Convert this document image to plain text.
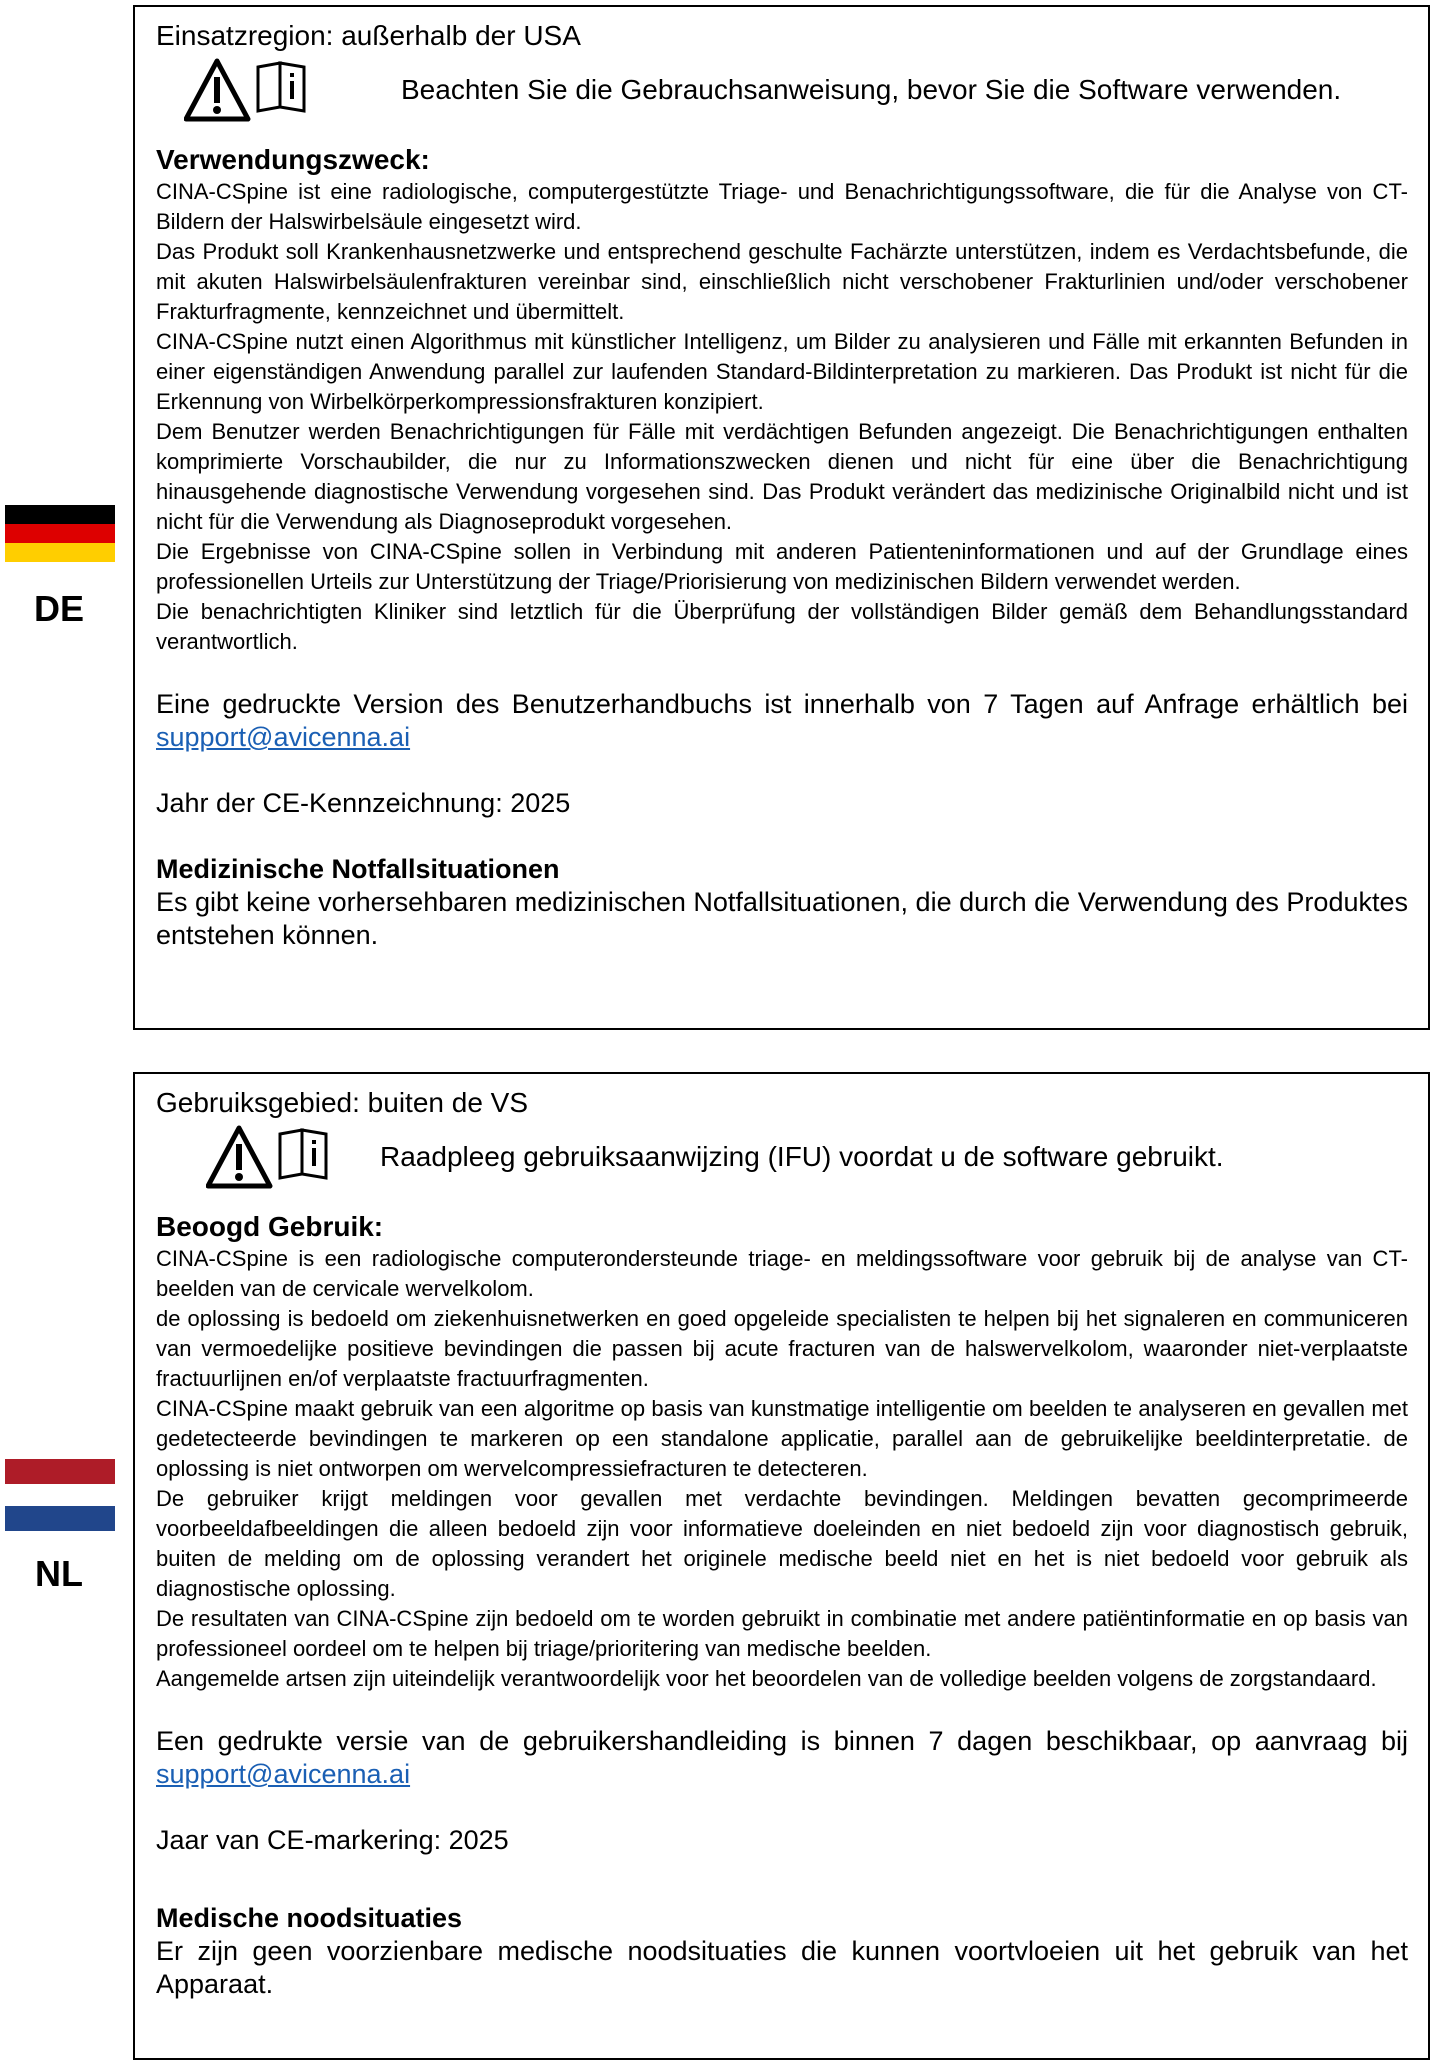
DE

Einsatzregion: außerhalb der USA

Beachten Sie die Gebrauchsanweisung, bevor Sie die Software verwenden.

Verwendungszweck:

CINA-CSpine ist eine radiologische, computergestützte Triage- und Benachrichtigungssoftware, die für die Analyse von CT-Bildern der Halswirbelsäule eingesetzt wird.

Das Produkt soll Krankenhausnetzwerke und entsprechend geschulte Fachärzte unterstützen, indem es Verdachtsbefunde, die mit akuten Halswirbelsäulenfrakturen vereinbar sind, einschließlich nicht verschobener Frakturlinien und/oder verschobener Frakturfragmente, kennzeichnet und übermittelt.

CINA-CSpine nutzt einen Algorithmus mit künstlicher Intelligenz, um Bilder zu analysieren und Fälle mit erkannten Befunden in einer eigenständigen Anwendung parallel zur laufenden Standard-Bildinterpretation zu markieren. Das Produkt ist nicht für die Erkennung von Wirbelkörperkompressionsfrakturen konzipiert.

Dem Benutzer werden Benachrichtigungen für Fälle mit verdächtigen Befunden angezeigt. Die Benachrichtigungen enthalten komprimierte Vorschaubilder, die nur zu Informationszwecken dienen und nicht für eine über die Benachrichtigung hinausgehende diagnostische Verwendung vorgesehen sind. Das Produkt verändert das medizinische Originalbild nicht und ist nicht für die Verwendung als Diagnoseprodukt vorgesehen.

Die Ergebnisse von CINA-CSpine sollen in Verbindung mit anderen Patienteninformationen und auf der Grundlage eines professionellen Urteils zur Unterstützung der Triage/Priorisierung von medizinischen Bildern verwendet werden.

Die benachrichtigten Kliniker sind letztlich für die Überprüfung der vollständigen Bilder gemäß dem Behandlungsstandard verantwortlich.

Eine gedruckte Version des Benutzerhandbuchs ist innerhalb von 7 Tagen auf Anfrage erhältlich bei support@avicenna.ai

Jahr der CE-Kennzeichnung: 2025

Medizinische Notfallsituationen

Es gibt keine vorhersehbaren medizinischen Notfallsituationen, die durch die Verwendung des Produktes entstehen können.

NL

Gebruiksgebied: buiten de VS

Raadpleeg gebruiksaanwijzing (IFU) voordat u de software gebruikt.

Beoogd Gebruik:

CINA-CSpine is een radiologische computerondersteunde triage- en meldingssoftware voor gebruik bij de analyse van CT-beelden van de cervicale wervelkolom.

de oplossing is bedoeld om ziekenhuisnetwerken en goed opgeleide specialisten te helpen bij het signaleren en communiceren van vermoedelijke positieve bevindingen die passen bij acute fracturen van de halswervelkolom, waaronder niet-verplaatste fractuurlijnen en/of verplaatste fractuurfragmenten.

CINA-CSpine maakt gebruik van een algoritme op basis van kunstmatige intelligentie om beelden te analyseren en gevallen met gedetecteerde bevindingen te markeren op een standalone applicatie, parallel aan de gebruikelijke beeldinterpretatie. de oplossing is niet ontworpen om wervelcompressiefracturen te detecteren.

De gebruiker krijgt meldingen voor gevallen met verdachte bevindingen. Meldingen bevatten gecomprimeerde voorbeeldafbeeldingen die alleen bedoeld zijn voor informatieve doeleinden en niet bedoeld zijn voor diagnostisch gebruik, buiten de melding om de oplossing verandert het originele medische beeld niet en het is niet bedoeld voor gebruik als diagnostische oplossing.

De resultaten van CINA-CSpine zijn bedoeld om te worden gebruikt in combinatie met andere patiëntinformatie en op basis van professioneel oordeel om te helpen bij triage/prioritering van medische beelden.

Aangemelde artsen zijn uiteindelijk verantwoordelijk voor het beoordelen van de volledige beelden volgens de zorgstandaard.

Een gedrukte versie van de gebruikershandleiding is binnen 7 dagen beschikbaar, op aanvraag bij support@avicenna.ai

Jaar van CE-markering: 2025

Medische noodsituaties

Er zijn geen voorzienbare medische noodsituaties die kunnen voortvloeien uit het gebruik van het Apparaat.
